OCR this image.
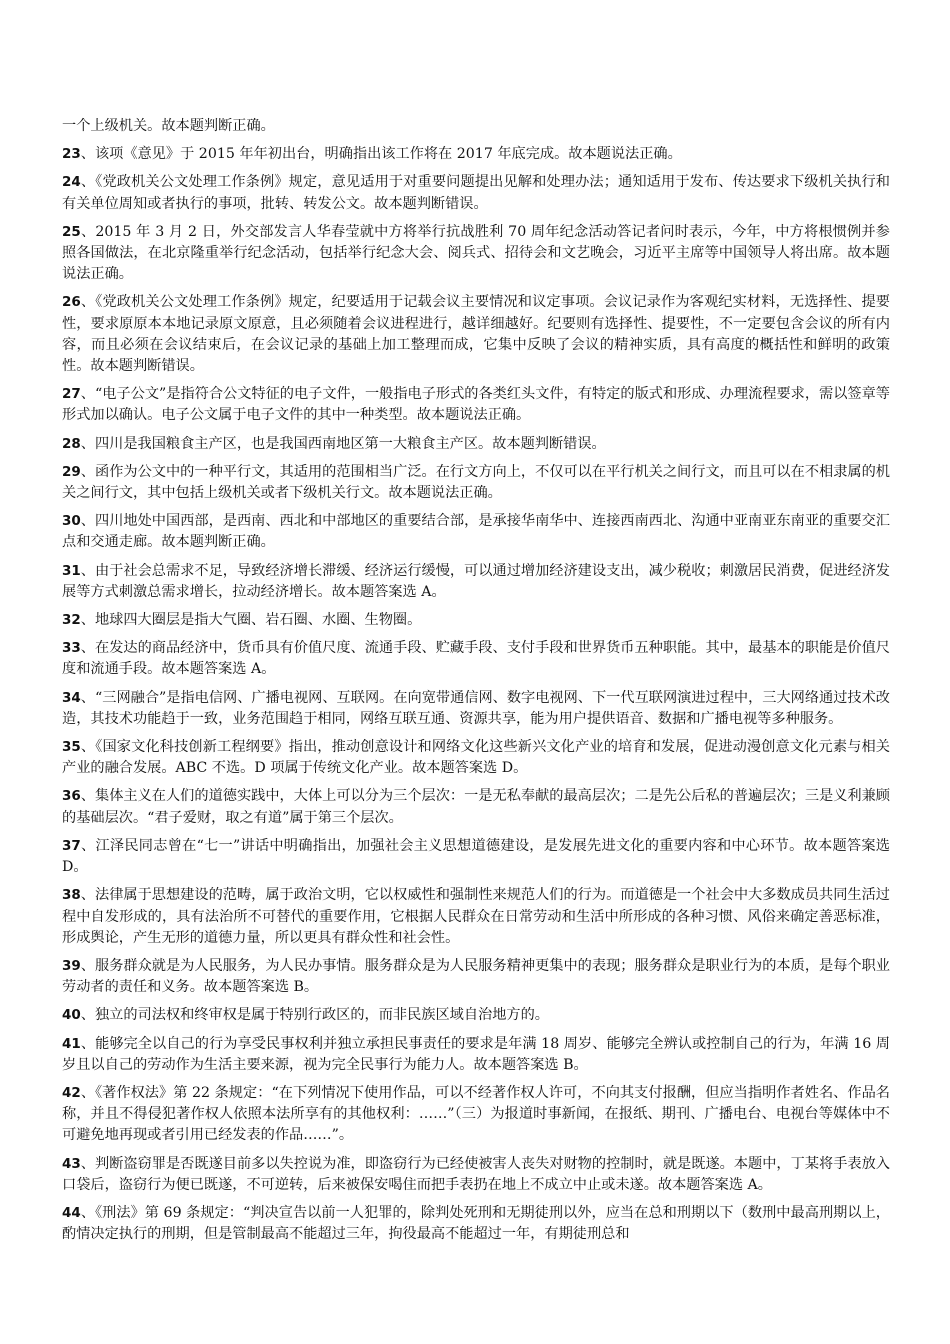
一个上级机关。故本题判断正确。

23、该项《意见》于 2015 年年初出台，明确指出该工作将在 2017 年底完成。故本题说法正确。

24、《党政机关公文处理工作条例》规定，意见适用于对重要问题提出见解和处理办法；通知适用于发布、传达要求下级机关执行和有关单位周知或者执行的事项，批转、转发公文。故本题判断错误。

25、2015 年 3 月 2 日，外交部发言人华春莹就中方将举行抗战胜利 70 周年纪念活动答记者问时表示，今年，中方将根惯例并参照各国做法，在北京隆重举行纪念活动，包括举行纪念大会、阅兵式、招待会和文艺晚会，习近平主席等中国领导人将出席。故本题说法正确。

26、《党政机关公文处理工作条例》规定，纪要适用于记载会议主要情况和议定事项。会议记录作为客观纪实材料，无选择性、提要性，要求原原本本地记录原文原意，且必须随着会议进程进行，越详细越好。纪要则有选择性、提要性，不一定要包含会议的所有内容，而且必须在会议结束后，在会议记录的基础上加工整理而成，它集中反映了会议的精神实质，具有高度的概括性和鲜明的政策性。故本题判断错误。

27、“电子公文”是指符合公文特征的电子文件，一般指电子形式的各类红头文件，有特定的版式和形成、办理流程要求，需以签章等形式加以确认。电子公文属于电子文件的其中一种类型。故本题说法正确。

28、四川是我国粮食主产区，也是我国西南地区第一大粮食主产区。故本题判断错误。

29、函作为公文中的一种平行文，其适用的范围相当广泛。在行文方向上，不仅可以在平行机关之间行文，而且可以在不相隶属的机关之间行文，其中包括上级机关或者下级机关行文。故本题说法正确。

30、四川地处中国西部，是西南、西北和中部地区的重要结合部，是承接华南华中、连接西南西北、沟通中亚南亚东南亚的重要交汇点和交通走廊。故本题判断正确。

31、由于社会总需求不足，导致经济增长滞缓、经济运行缓慢，可以通过增加经济建设支出，减少税收；刺激居民消费，促进经济发展等方式刺激总需求增长，拉动经济增长。故本题答案选 A。

32、地球四大圈层是指大气圈、岩石圈、水圈、生物圈。

33、在发达的商品经济中，货币具有价值尺度、流通手段、贮藏手段、支付手段和世界货币五种职能。其中，最基本的职能是价值尺度和流通手段。故本题答案选 A。

34、“三网融合”是指电信网、广播电视网、互联网。在向宽带通信网、数字电视网、下一代互联网演进过程中，三大网络通过技术改造，其技术功能趋于一致，业务范围趋于相同，网络互联互通、资源共享，能为用户提供语音、数据和广播电视等多种服务。

35、《国家文化科技创新工程纲要》指出，推动创意设计和网络文化这些新兴文化产业的培育和发展，促进动漫创意文化元素与相关产业的融合发展。ABC 不选。D 项属于传统文化产业。故本题答案选 D。

36、集体主义在人们的道德实践中，大体上可以分为三个层次：一是无私奉献的最高层次；二是先公后私的普遍层次；三是义利兼顾的基础层次。“君子爱财，取之有道”属于第三个层次。

37、江泽民同志曾在“七一”讲话中明确指出，加强社会主义思想道德建设，是发展先进文化的重要内容和中心环节。故本题答案选 D。

38、法律属于思想建设的范畴，属于政治文明，它以权威性和强制性来规范人们的行为。而道德是一个社会中大多数成员共同生活过程中自发形成的，具有法治所不可替代的重要作用，它根据人民群众在日常劳动和生活中所形成的各种习惯、风俗来确定善恶标准，形成舆论，产生无形的道德力量，所以更具有群众性和社会性。

39、服务群众就是为人民服务，为人民办事情。服务群众是为人民服务精神更集中的表现；服务群众是职业行为的本质，是每个职业劳动者的责任和义务。故本题答案选 B。

40、独立的司法权和终审权是属于特别行政区的，而非民族区域自治地方的。

41、能够完全以自己的行为享受民事权利并独立承担民事责任的要求是年满 18 周岁、能够完全辨认或控制自己的行为，年满 16 周岁且以自己的劳动作为生活主要来源，视为完全民事行为能力人。故本题答案选 B。

42、《著作权法》第 22 条规定：“在下列情况下使用作品，可以不经著作权人许可，不向其支付报酬，但应当指明作者姓名、作品名称，并且不得侵犯著作权人依照本法所享有的其他权利：……”（三）为报道时事新闻，在报纸、期刊、广播电台、电视台等媒体中不可避免地再现或者引用已经发表的作品……”。

43、判断盗窃罪是否既遂目前多以失控说为准，即盗窃行为已经使被害人丧失对财物的控制时，就是既遂。本题中，丁某将手表放入口袋后，盗窃行为便已既遂，不可逆转，后来被保安喝住而把手表扔在地上不成立中止或未遂。故本题答案选 A。

44、《刑法》第 69 条规定：“判决宣告以前一人犯罪的，除判处死刑和无期徒刑以外，应当在总和刑期以下（数刑中最高刑期以上，酌情决定执行的刑期，但是管制最高不能超过三年，拘役最高不能超过一年，有期徒刑总和
